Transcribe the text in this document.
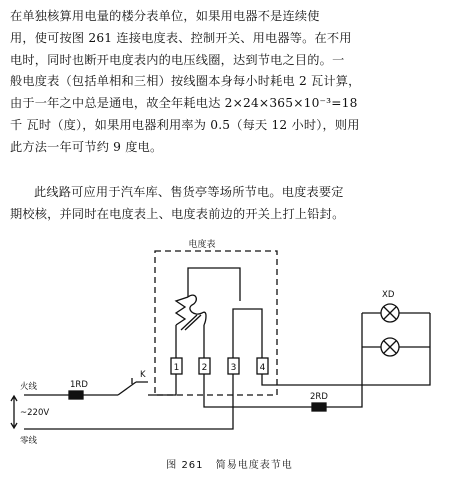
在单独核算用电量的楼分表单位，如果用电器不是连续使
用，使可按图 261 连接电度表、控制开关、用电器等。在不用
电时，同时也断开电度表内的电压线圈，达到节电之目的。一
般电度表（包括单相和三相）按线圈本身每小时耗电 2 瓦计算，
由于一年之中总是通电，故全年耗电达 2×24×365×10⁻³=18
千 瓦时（度），如果用电器利用率为 0.5（每天 12 小时），则用
此方法一年可节约 9 度电。
此线路可应用于汽车库、售货亭等场所节电。电度表要定
期校核，并同时在电度表上、电度表前边的开关上打上铅封。
电度表
1 2	3	4
火线
零线
~220V
1RD
2RD
K
XD
图 261 简易电度表节电
